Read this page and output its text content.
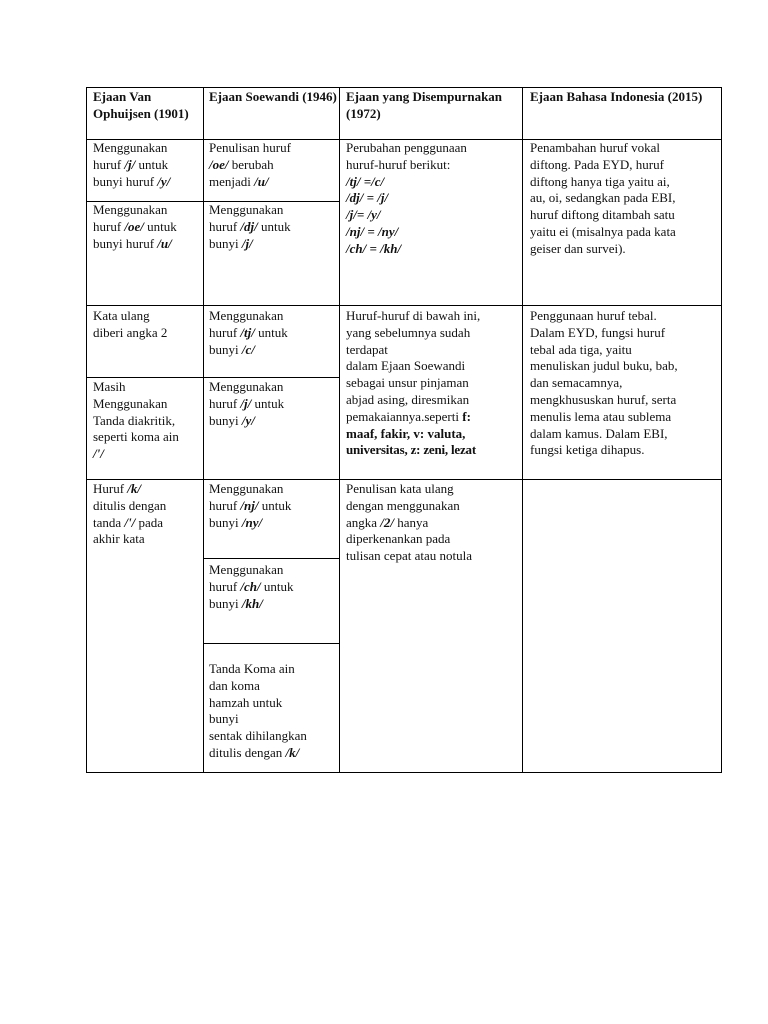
Ejaan Van Ophuijsen (1901)
Ejaan Soewandi (1946) Ejaan yang Disempurnakan (1972)
Ejaan Bahasa Indonesia (2015)
Menggunakan
huruf /j/ untuk
bunyi huruf /y/
Menggunakan
huruf /oe/ untuk
bunyi huruf /u/
Kata ulang
diberi angka 2
Masih
Menggunakan
Tanda diakritik,
seperti koma ain
/'/
Huruf /k/
ditulis dengan
tanda /'/ pada
akhir kata
Penulisan huruf
/oe/ berubah
menjadi /u/
Menggunakan
huruf /dj/ untuk
bunyi /j/
Menggunakan
huruf /tj/ untuk
bunyi /c/
Menggunakan
huruf /j/ untuk
bunyi /y/
Menggunakan
huruf /nj/ untuk
bunyi /ny/
Menggunakan
huruf /ch/ untuk
bunyi /kh/
Tanda Koma ain
dan koma
hamzah untuk
bunyi
sentak dihilangkan
ditulis dengan /k/
Perubahan penggunaan
huruf-huruf berikut:
/tj/ =/c/
/dj/ = /j/
/j/= /y/
/nj/ = /ny/
/ch/ = /kh/
Huruf-huruf di bawah ini,
yang sebelumnya sudah
terdapat
dalam Ejaan Soewandi
sebagai unsur pinjaman
abjad asing, diresmikan
pemakaiannya.seperti f:
maaf, fakir, v: valuta,
universitas, z: zeni, lezat
Penulisan kata ulang
dengan menggunakan
angka /2/ hanya
diperkenankan pada
tulisan cepat atau notula
Penambahan huruf vokal
diftong. Pada EYD, huruf
diftong hanya tiga yaitu ai,
au, oi, sedangkan pada EBI,
huruf diftong ditambah satu
yaitu ei (misalnya pada kata
geiser dan survei).
Penggunaan huruf tebal.
Dalam EYD, fungsi huruf
tebal ada tiga, yaitu
menuliskan judul buku, bab,
dan semacamnya,
mengkhususkan huruf, serta
menulis lema atau sublema
dalam kamus. Dalam EBI,
fungsi ketiga dihapus.
